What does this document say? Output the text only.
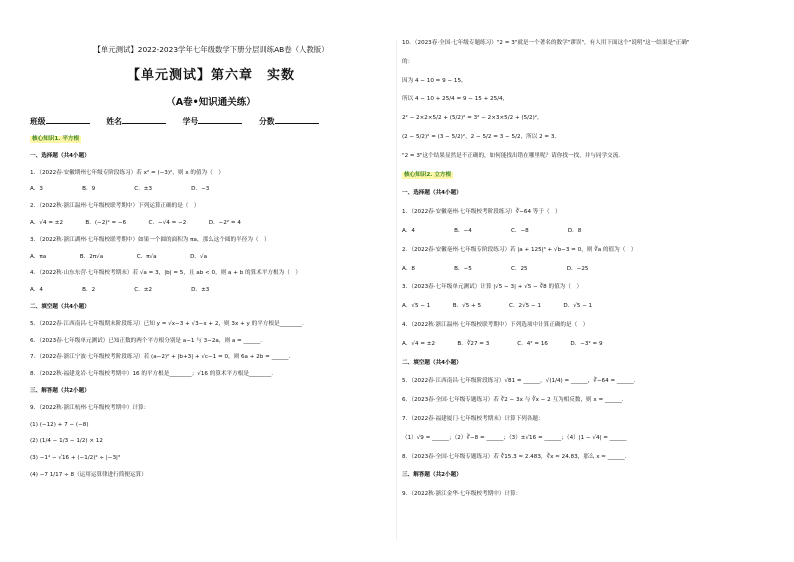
【单元测试】2022-2023学年七年级数学下册分层训练AB卷（人教版）
【单元测试】第六章　实数
（A卷•知识通关练）
班级	姓名	学号	分数

核心知识1. 平方根

一、选择题（共4小题）

1．（2022春·安徽期州七年级专阶段练习）若 x² = (−3)²，则 x 的值为（　）

A．3　　　　　　　B．9　　　　　　　C．±3　　　　　　　D．−3

2．（2022秋·浙江温州·七年级校联考期中）下列运算正确的是（　）

A．√4 = ±2　　　　B．(−2)² = −6　　　　C．−√4 = −2　　　　D．−2² = 4

3．（2022秋·浙江湖州·七年级校联考期中）如果一个圆的面积为 πa，那么这个圆的半径为（　）

A．πa　　　　　　B．2π√a　　　　　　C．π√a　　　　　　D．√a

4．（2022秋·山东东营·七年级校考期末）若 √a = 3，|b| = 5，且 ab < 0，则 a + b 的算术平方根为（　）

A．4　　　　　　　B．2　　　　　　　C．±2　　　　　　　D．±3

二、填空题（共4小题）

5．（2022春·江西南昌·七年级期末阶段练习）已知 y = √x−3 + √3−x + 2，则 3x + y 的平方根是________.

6．（2023春·七年级单元测试）已知正数的两个平方根分别是 a−1 与 3−2a，则 a = ______.

7．（2022春·浙江宁波·七年级校考阶段练习）若 (a−2)² + |b+3| + √c−1 = 0，则 6a + 2b = ______.

8．（2022秋·福建龙岩·七年级校考期中）16 的平方根是________；√16 的算术平方根是________.

三、解答题（共2小题）

9．（2022秋·浙江杭州·七年级校考期中）计算：

(1) (−12) + 7 − (−8)

(2) (1/4 − 1/3 − 1/2) × 12

(3) −1⁴ − √16 + (−1/2)² ÷ |−3|³

(4) −7 1/17 ÷ 8（运用运算律进行简便运算）

10．（2023春·全国·七年级专题练习）"2 = 3"就是一个著名的数学"谬误"，有人用下面这个"说明"这一结果是"正确"

的：

因为 4 − 10 = 9 − 15，

所以 4 − 10 + 25/4 = 9 − 15 + 25/4，

2² − 2×2×5/2 + (5/2)² = 3² − 2×3×5/2 + (5/2)²，

(2 − 5/2)² = (3 − 5/2)²，2 − 5/2 = 3 − 5/2，所以 2 = 3.

"2 = 3"这个结果显然是不正确的，如何能找出错在哪里呢？请你找一找，并与同学交流.

核心知识2. 立方根

一、选择题（共4小题）

1．（2022春·安徽亳州·七年级校考阶段练习）∛−64 等于（　）

A．4　　　　　　　B．−4　　　　　　　C．−8　　　　　　　D．8

2．（2022春·安徽亳州·七年级专阶段练习）若 |a + 125|³ + √b−3 = 0，则 ∛a 的值为（　）

A．8　　　　　　　B．−5　　　　　　　C．25　　　　　　　D．−25

3．（2023春·七年级单元测试）计算 |√5 − 3| + √5 − ∛8 的值为（　）

A．√5 − 1　　　　B．√5 + 5　　　　　C．2√5 − 1　　　　D．√5 − 1

4．（2022秋·浙江温州·七年级校联考期中）下列选项中计算正确的是（　）

A．√4 = ±2　　　　B．∛27 = 3　　　　　C．4² = 16　　　　D．−3² = 9

二、填空题（共4小题）

5．（2022春·江西南昌·七年级阶段练习）√81 = ______，√(1/4) = ______，∛−64 = ______.

6．（2023春·全国·七年级专题练习）若 ∛2 − 3x 与 ∛x − 2 互为相反数，则 x = ______.

7．（2022春·福建厦门·七年级校考期末）计算下列各题：

（1）√9 = ______；（2）∛−8 = ______；（3）±√16 = ______；（4）|1 − √4| = ______

8．（2023春·全国·七年级专题练习）若 ∛15.3 ≈ 2.483，∛x ≈ 24.83，那么 x ≈ ______.

三、解答题（共2小题）

9．（2022秋·浙江金华·七年级校考期中）计算：
